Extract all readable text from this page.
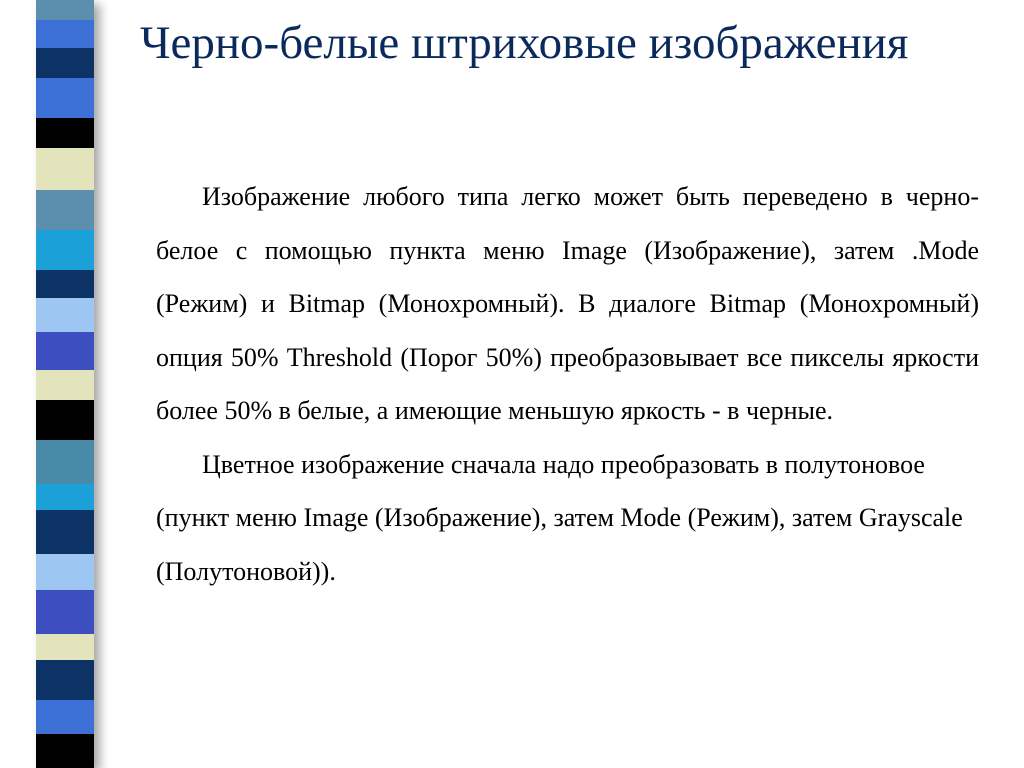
Черно-белые штриховые изображения

Изображение любого типа легко может быть переведено в черно-белое с помощью пункта меню Image (Изображение), затем .Mode (Режим) и Bitmap (Монохромный). В диалоге Bitmap (Монохромный) опция 50% Threshold (Порог 50%) преобразовывает все пикселы яркости более 50% в белые, а имеющие меньшую яркость - в черные.

Цветное изображение сначала надо преобразовать в полутоновое (пункт меню Image (Изображение), затем Mode (Режим), затем Grayscale (Полутоновой)).
